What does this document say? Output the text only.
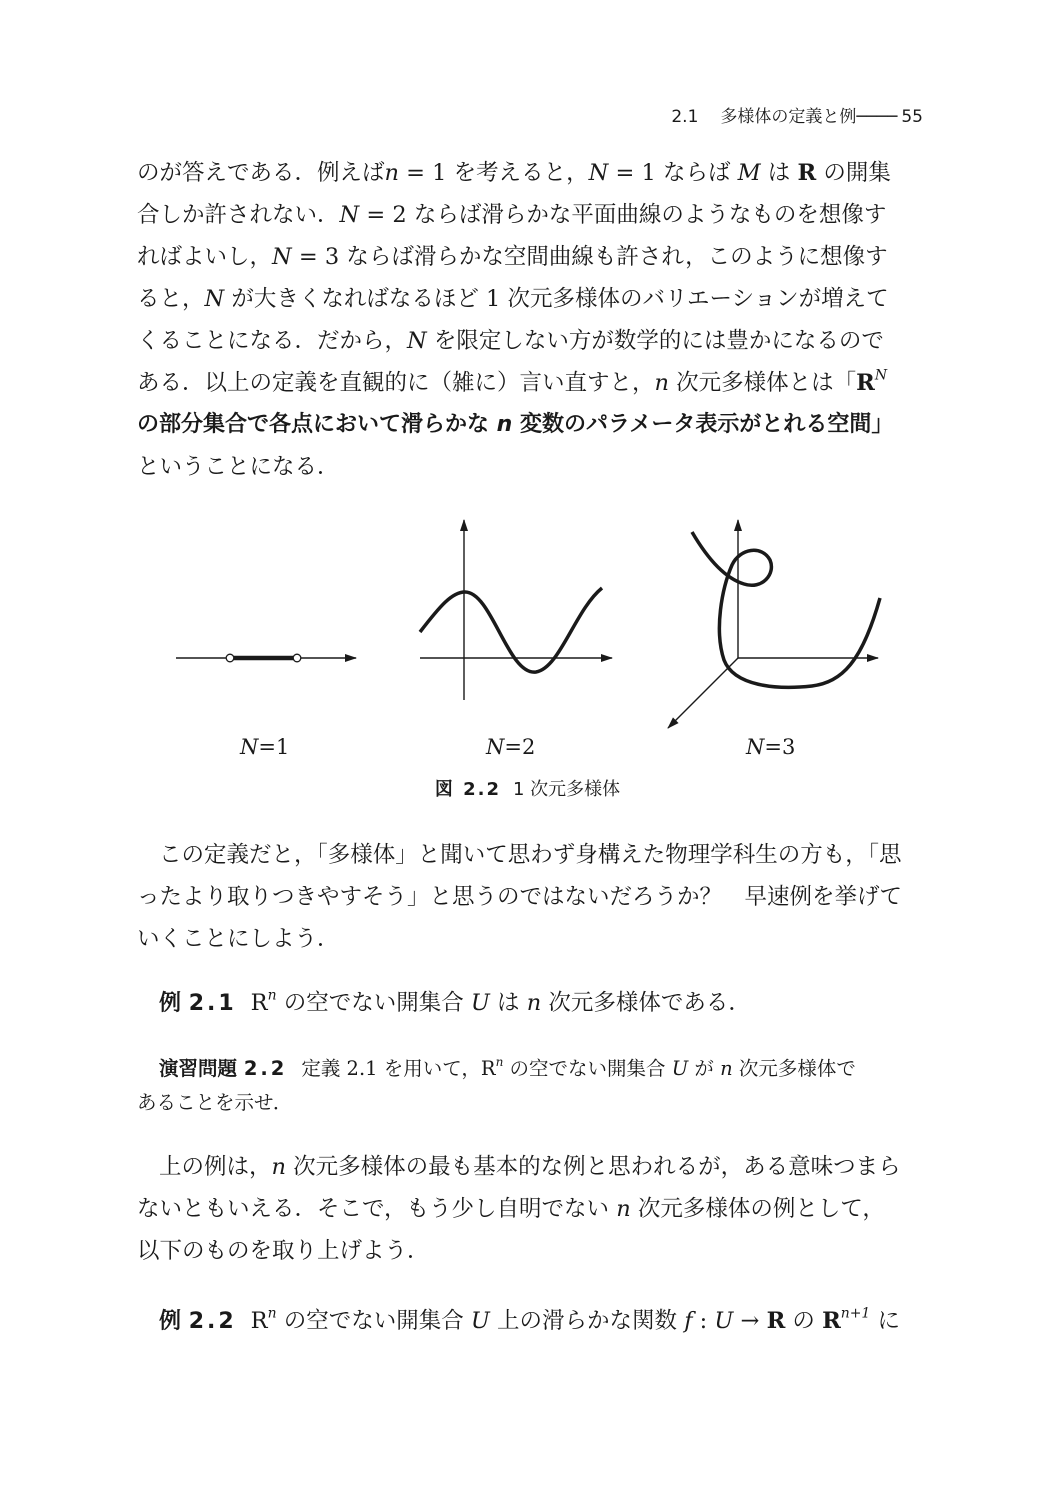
2.1 多様体の定義と例──── 55
のが答えである．例えばn = 1 を考えると，N = 1 ならば M は R の開集
合しか許されない．N = 2 ならば滑らかな平面曲線のようなものを想像す
ればよいし，N = 3 ならば滑らかな空間曲線も許され，このように想像す
ると，N が大きくなればなるほど 1 次元多様体のバリエーションが増えて
くることになる．だから，N を限定しない方が数学的には豊かになるので
ある．以上の定義を直観的に（雑に）言い直すと，n 次元多様体とは「$R^N$
の部分集合で各点において滑らかな n 変数のパラメータ表示がとれる空間」
ということになる．
N=1	N=2	N=3
図 2.2 1 次元多様体
この定義だと，「多様体」と聞いて思わず身構えた物理学科生の方も，「思
ったより取りつきやすそう」と思うのではないだろうか？　早速例を挙げて
いくことにしよう．
例 2.1 $R^n$ の空でない開集合 U は n 次元多様体である．
演習問題 2.2 定義 2.1 を用いて，$R^n$ の空でない開集合 U が n 次元多様体で
あることを示せ．
上の例は，n 次元多様体の最も基本的な例と思われるが，ある意味つまら
ないともいえる．そこで，もう少し自明でない n 次元多様体の例として，
以下のものを取り上げよう．
例 2.2 $R^n$ の空でない開集合 U 上の滑らかな関数 f : U → R の $R^{n+1}$ に
